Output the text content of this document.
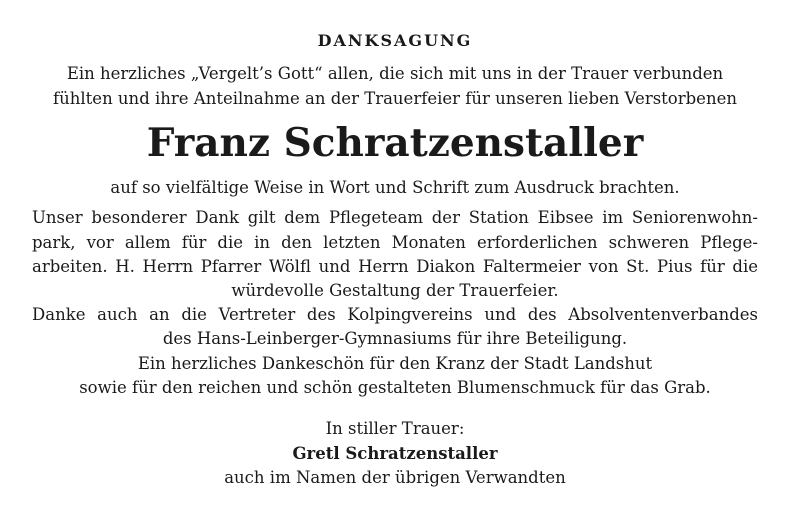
DANKSAGUNG
Ein herzliches „Vergelt’s Gott“ allen, die sich mit uns in der Trauer verbunden
fühlten und ihre Anteilnahme an der Trauerfeier für unseren lieben Verstorbenen
Franz Schratzenstaller
auf so vielfältige Weise in Wort und Schrift zum Ausdruck brachten.
Unser besonderer Dank gilt dem Pflegeteam der Station Eibsee im Seniorenwohn-
park, vor allem für die in den letzten Monaten erforderlichen schweren Pflege-
arbeiten. H. Herrn Pfarrer Wölfl und Herrn Diakon Faltermeier von St. Pius für die
würdevolle Gestaltung der Trauerfeier.
Danke auch an die Vertreter des Kolpingvereins und des Absolventenverbandes
des Hans-Leinberger-Gymnasiums für ihre Beteiligung.
Ein herzliches Dankeschön für den Kranz der Stadt Landshut
sowie für den reichen und schön gestalteten Blumenschmuck für das Grab.
In stiller Trauer:
Gretl Schratzenstaller
auch im Namen der übrigen Verwandten
